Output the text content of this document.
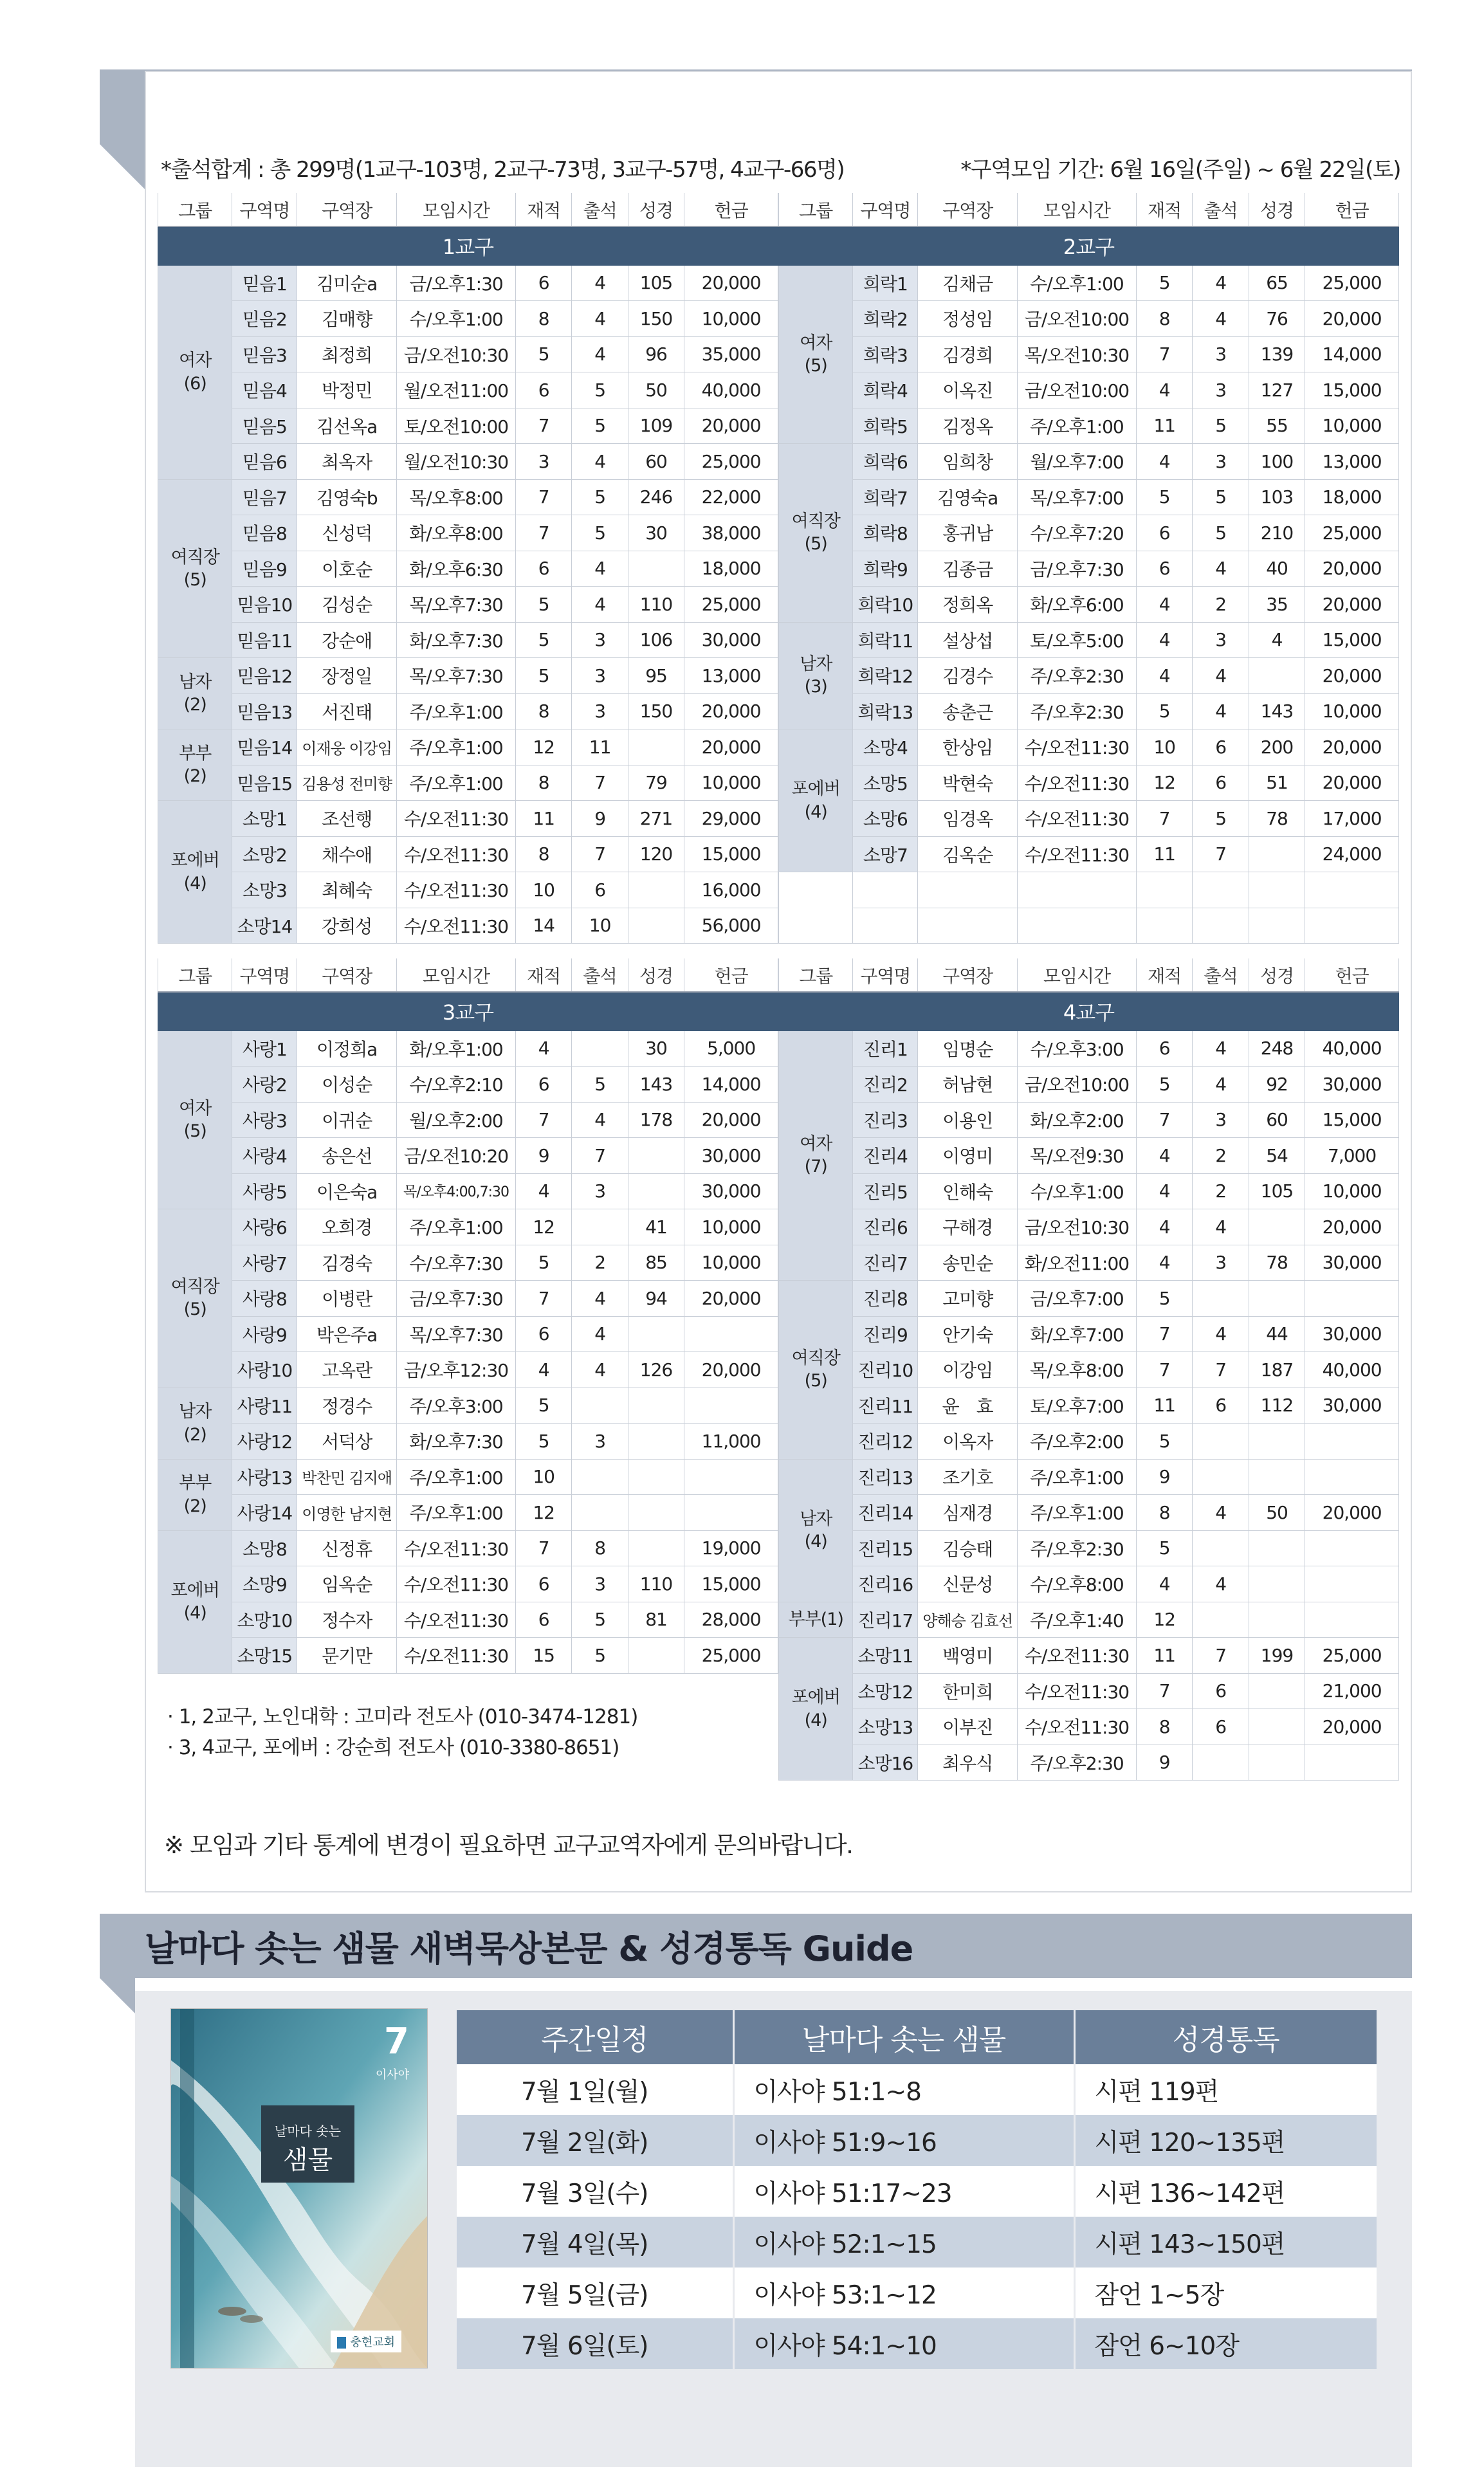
*출석합계 : 총 299명(1교구-103명, 2교구-73명, 3교구-57명, 4교구-66명)	*구역모임 기간: 6월 16일(주일) ~ 6월 22일(토)
그룹	구역명	구역장	모임시간	재적	출석	성경	헌금
1교구							
여자
(6)	믿음1	김미순a	금/오후1:30	6	4	105	20,000
	믿음2	김매향	수/오후1:00	8	4	150	10,000
	믿음3	최정희	금/오전10:30	5	4	96	35,000
	믿음4	박정민	월/오전11:00	6	5	50	40,000
	믿음5	김선옥a	토/오전10:00	7	5	109	20,000
	믿음6	최옥자	월/오전10:30	3	4	60	25,000
여직장
(5)	믿음7	김영숙b	목/오후8:00	7	5	246	22,000
	믿음8	신성덕	화/오후8:00	7	5	30	38,000
	믿음9	이호순	화/오후6:30	6	4		18,000
	믿음10	김성순	목/오후7:30	5	4	110	25,000
	믿음11	강순애	화/오후7:30	5	3	106	30,000
남자
(2)	믿음12	장정일	목/오후7:30	5	3	95	13,000
	믿음13	서진태	주/오후1:00	8	3	150	20,000
부부
(2)	믿음14	이재웅 이강임	주/오후1:00	12	11		20,000
	믿음15	김용성 전미향	주/오후1:00	8	7	79	10,000
포에버
(4)	소망1	조선행	수/오전11:30	11	9	271	29,000
	소망2	채수애	수/오전11:30	8	7	120	15,000
	소망3	최혜숙	수/오전11:30	10	6		16,000
	소망14	강희성	수/오전11:30	14	10		56,000
그룹	구역명	구역장	모임시간	재적	출석	성경	헌금
2교구							
여자
(5)	희락1	김채금	수/오후1:00	5	4	65	25,000
	희락2	정성임	금/오전10:00	8	4	76	20,000
	희락3	김경희	목/오전10:30	7	3	139	14,000
	희락4	이옥진	금/오전10:00	4	3	127	15,000
	희락5	김정옥	주/오후1:00	11	5	55	10,000
여직장
(5)	희락6	임희창	월/오후7:00	4	3	100	13,000
	희락7	김영숙a	목/오후7:00	5	5	103	18,000
	희락8	홍귀남	수/오후7:20	6	5	210	25,000
	희락9	김종금	금/오후7:30	6	4	40	20,000
	희락10	정희옥	화/오후6:00	4	2	35	20,000
남자
(3)	희락11	설상섭	토/오후5:00	4	3	4	15,000
	희락12	김경수	주/오후2:30	4	4		20,000
	희락13	송춘근	주/오후2:30	5	4	143	10,000
포에버
(4)	소망4	한상임	수/오전11:30	10	6	200	20,000
	소망5	박현숙	수/오전11:30	12	6	51	20,000
	소망6	임경옥	수/오전11:30	7	5	78	17,000
	소망7	김옥순	수/오전11:30	11	7		24,000

그룹	구역명	구역장	모임시간	재적	출석	성경	헌금
3교구							
여자
(5)	사랑1	이정희a	화/오후1:00	4		30	5,000
	사랑2	이성순	수/오후2:10	6	5	143	14,000
	사랑3	이귀순	월/오후2:00	7	4	178	20,000
	사랑4	송은선	금/오전10:20	9	7		30,000
	사랑5	이은숙a	목/오후4:00,7:30	4	3		30,000
여직장
(5)	사랑6	오희경	주/오후1:00	12		41	10,000
	사랑7	김경숙	수/오후7:30	5	2	85	10,000
	사랑8	이병란	금/오후7:30	7	4	94	20,000
	사랑9	박은주a	목/오후7:30	6	4		
	사랑10	고옥란	금/오후12:30	4	4	126	20,000
남자
(2)	사랑11	정경수	주/오후3:00	5			
	사랑12	서덕상	화/오후7:30	5	3		11,000
부부
(2)	사랑13	박찬민 김지애	주/오후1:00	10			
	사랑14	이영한 남지현	주/오후1:00	12			
포에버
(4)	소망8	신정휴	수/오전11:30	7	8		19,000
	소망9	임옥순	수/오전11:30	6	3	110	15,000
	소망10	정수자	수/오전11:30	6	5	81	28,000
	소망15	문기만	수/오전11:30	15	5		25,000
그룹	구역명	구역장	모임시간	재적	출석	성경	헌금
4교구							
여자
(7)	진리1	임명순	수/오후3:00	6	4	248	40,000
	진리2	허남현	금/오전10:00	5	4	92	30,000
	진리3	이용인	화/오후2:00	7	3	60	15,000
	진리4	이영미	목/오전9:30	4	2	54	7,000
	진리5	인해숙	수/오후1:00	4	2	105	10,000
	진리6	구해경	금/오전10:30	4	4		20,000
	진리7	송민순	화/오전11:00	4	3	78	30,000
여직장
(5)	진리8	고미향	금/오후7:00	5			
	진리9	안기숙	화/오후7:00	7	4	44	30,000
	진리10	이강임	목/오후8:00	7	7	187	40,000
	진리11	윤　효	토/오후7:00	11	6	112	30,000
	진리12	이옥자	주/오후2:00	5			
남자
(4)	진리13	조기호	주/오후1:00	9			
	진리14	심재경	주/오후1:00	8	4	50	20,000
	진리15	김승태	주/오후2:30	5			
	진리16	신문성	수/오후8:00	4	4		
부부(1)	진리17	양해승 김효선	주/오후1:40	12			
포에버
(4)	소망11	백영미	수/오전11:30	11	7	199	25,000
	소망12	한미희	수/오전11:30	7	6		21,000
	소망13	이부진	수/오전11:30	8	6		20,000
	소망16	최우식	주/오후2:30	9			
· 1, 2교구, 노인대학 : 고미라 전도사 (010-3474-1281)
· 3, 4교구, 포에버 : 강순희 전도사 (010-3380-8651)
※ 모임과 기타 통계에 변경이 필요하면 교구교역자에게 문의바랍니다.
날마다 솟는 샘물 새벽묵상본문 & 성경통독 Guide
7
이사야
날마다 솟는
샘물
충현교회
주간일정	날마다 솟는 샘물	성경통독
7월 1일(월)	이사야 51:1~8	시편 119편
7월 2일(화)	이사야 51:9~16	시편 120~135편
7월 3일(수)	이사야 51:17~23	시편 136~142편
7월 4일(목)	이사야 52:1~15	시편 143~150편
7월 5일(금)	이사야 53:1~12	잠언 1~5장
7월 6일(토)	이사야 54:1~10	잠언 6~10장
